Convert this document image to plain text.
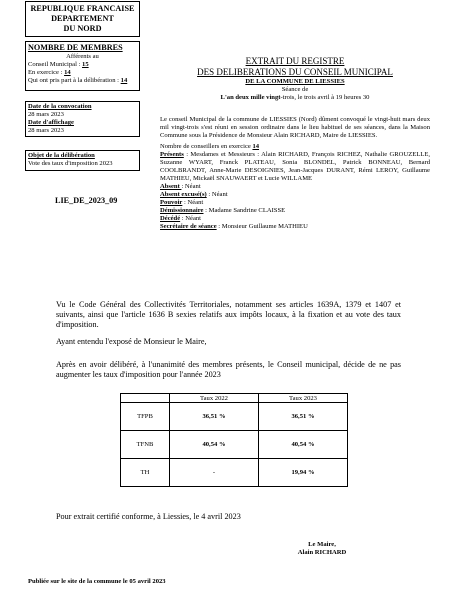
REPUBLIQUE FRANCAISE
DEPARTEMENT
DU NORD
NOMBRE DE MEMBRES
Afférents au
Conseil Municipal : 15
En exercice : 14
Qui ont pris part à la délibération : 14
Date de la convocation
28 mars 2023
Date d'affichage
28 mars 2023
Objet de la délibération
Vote des taux d'imposition 2023
LIE_DE_2023_09
EXTRAIT DU REGISTRE
DES DELIBERATIONS DU CONSEIL MUNICIPAL
DE LA COMMUNE DE LIESSIES
Séance de
L'an deux mille vingt-trois, le trois avril à 19 heures 30
Le conseil Municipal de la commune de LIESSIES (Nord) dûment convoqué le vingt-huit mars deux mil vingt-trois s'est réuni en session ordinaire dans le lieu habituel de ses séances, dans la Maison Commune sous la Présidence de Monsieur Alain RICHARD, Maire de LIESSIES.
Nombre de conseillers en exercice 14
Présents : Mesdames et Messieurs : Alain RICHARD, François RICHEZ, Nathalie GROUZELLE, Suzanne WYART, Franck PLATEAU, Sonia BLONDEL, Patrick BONNEAU, Bernard COOLBRANDT, Anne-Marie DESOIGNIES, Jean-Jacques DURANT, Rémi LEROY, Guillaume MATHIEU, Mickaël SNAUWAERT et Lucie WILLAME
Absent : Néant
Absent excusé(s) : Néant
Pouvoir : Néant
Démissionnaire : Madame Sandrine CLAISSE
Décédé : Néant
Secrétaire de séance : Monsieur Guillaume MATHIEU
Vu le Code Général des Collectivités Territoriales, notamment ses articles 1639A, 1379 et 1407 et suivants, ainsi que l'article 1636 B sexies relatifs aux impôts locaux, à la fixation et au vote des taux d'imposition.
Ayant entendu l'exposé de Monsieur le Maire,
Après en avoir délibéré, à l'unanimité des membres présents, le Conseil municipal, décide de ne pas augmenter les taux d'imposition pour l'année 2023
	Taux 2022	Taux 2023
TFPB	36,51 %	36,51 %
TFNB	40,54 %	40,54 %
TH	-	19,94 %
Pour extrait certifié conforme, à Liessies, le 4 avril 2023
Le Maire,
Alain RICHARD
Publiée sur le site de la commune le 05 avril 2023
